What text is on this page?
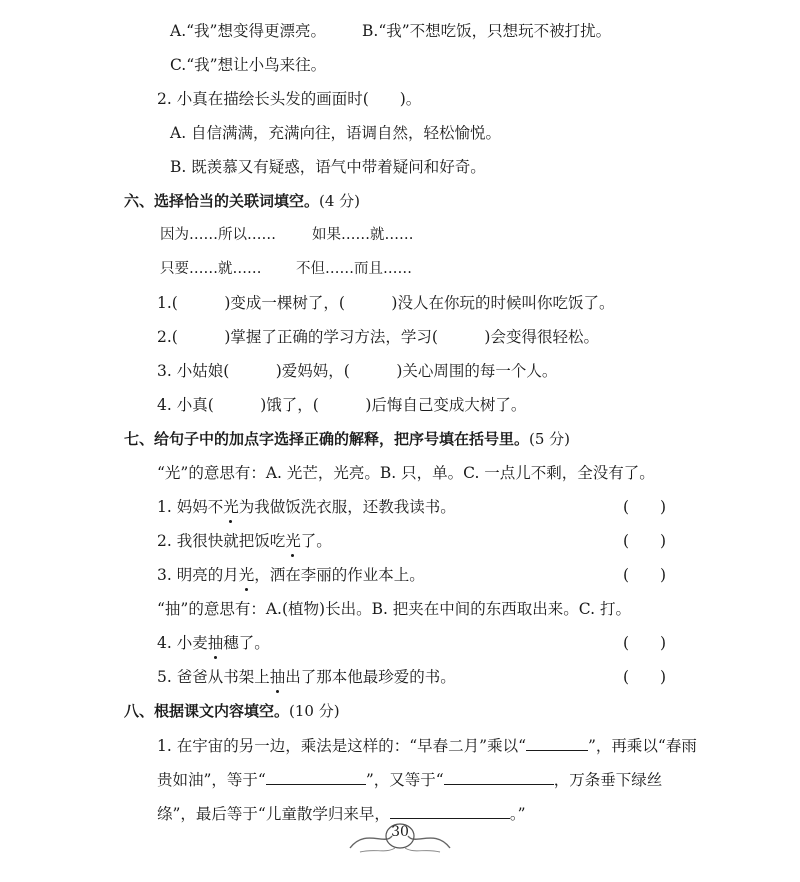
A.“我”想变得更漂亮。 B.“我”不想吃饭，只想玩不被打扰。
C.“我”想让小鸟来往。
2. 小真在描绘长头发的画面时(　　)。
A. 自信满满，充满向往，语调自然，轻松愉悦。
B. 既羡慕又有疑惑，语气中带着疑问和好奇。
六、选择恰当的关联词填空。(4 分)
因为……所以…… 如果……就……
只要……就…… 不但……而且……
1.(　　　)变成一棵树了，(　　　)没人在你玩的时候叫你吃饭了。
2.(　　　)掌握了正确的学习方法，学习(　　　)会变得很轻松。
3. 小姑娘(　　　)爱妈妈，(　　　)关心周围的每一个人。
4. 小真(　　　)饿了，(　　　)后悔自己变成大树了。
七、给句子中的加点字选择正确的解释，把序号填在括号里。(5 分)
“光”的意思有：A. 光芒，光亮。B. 只，单。C. 一点儿不剩，全没有了。
1. 妈妈不光为我做饭洗衣服，还教我读书。	(　　)
2. 我很快就把饭吃光了。	(　　)
3. 明亮的月光，洒在李丽的作业本上。	(　　)
“抽”的意思有：A.(植物)长出。B. 把夹在中间的东西取出来。C. 打。
4. 小麦抽穗了。	(　　)
5. 爸爸从书架上抽出了那本他最珍爱的书。	(　　)
八、根据课文内容填空。(10 分)
1. 在宇宙的另一边，乘法是这样的：“早春二月”乘以“	”，再乘以“春雨
贵如油”，等于“	”，又等于“	，万条垂下绿丝
绦”，最后等于“儿童散学归来早，	。”
30
